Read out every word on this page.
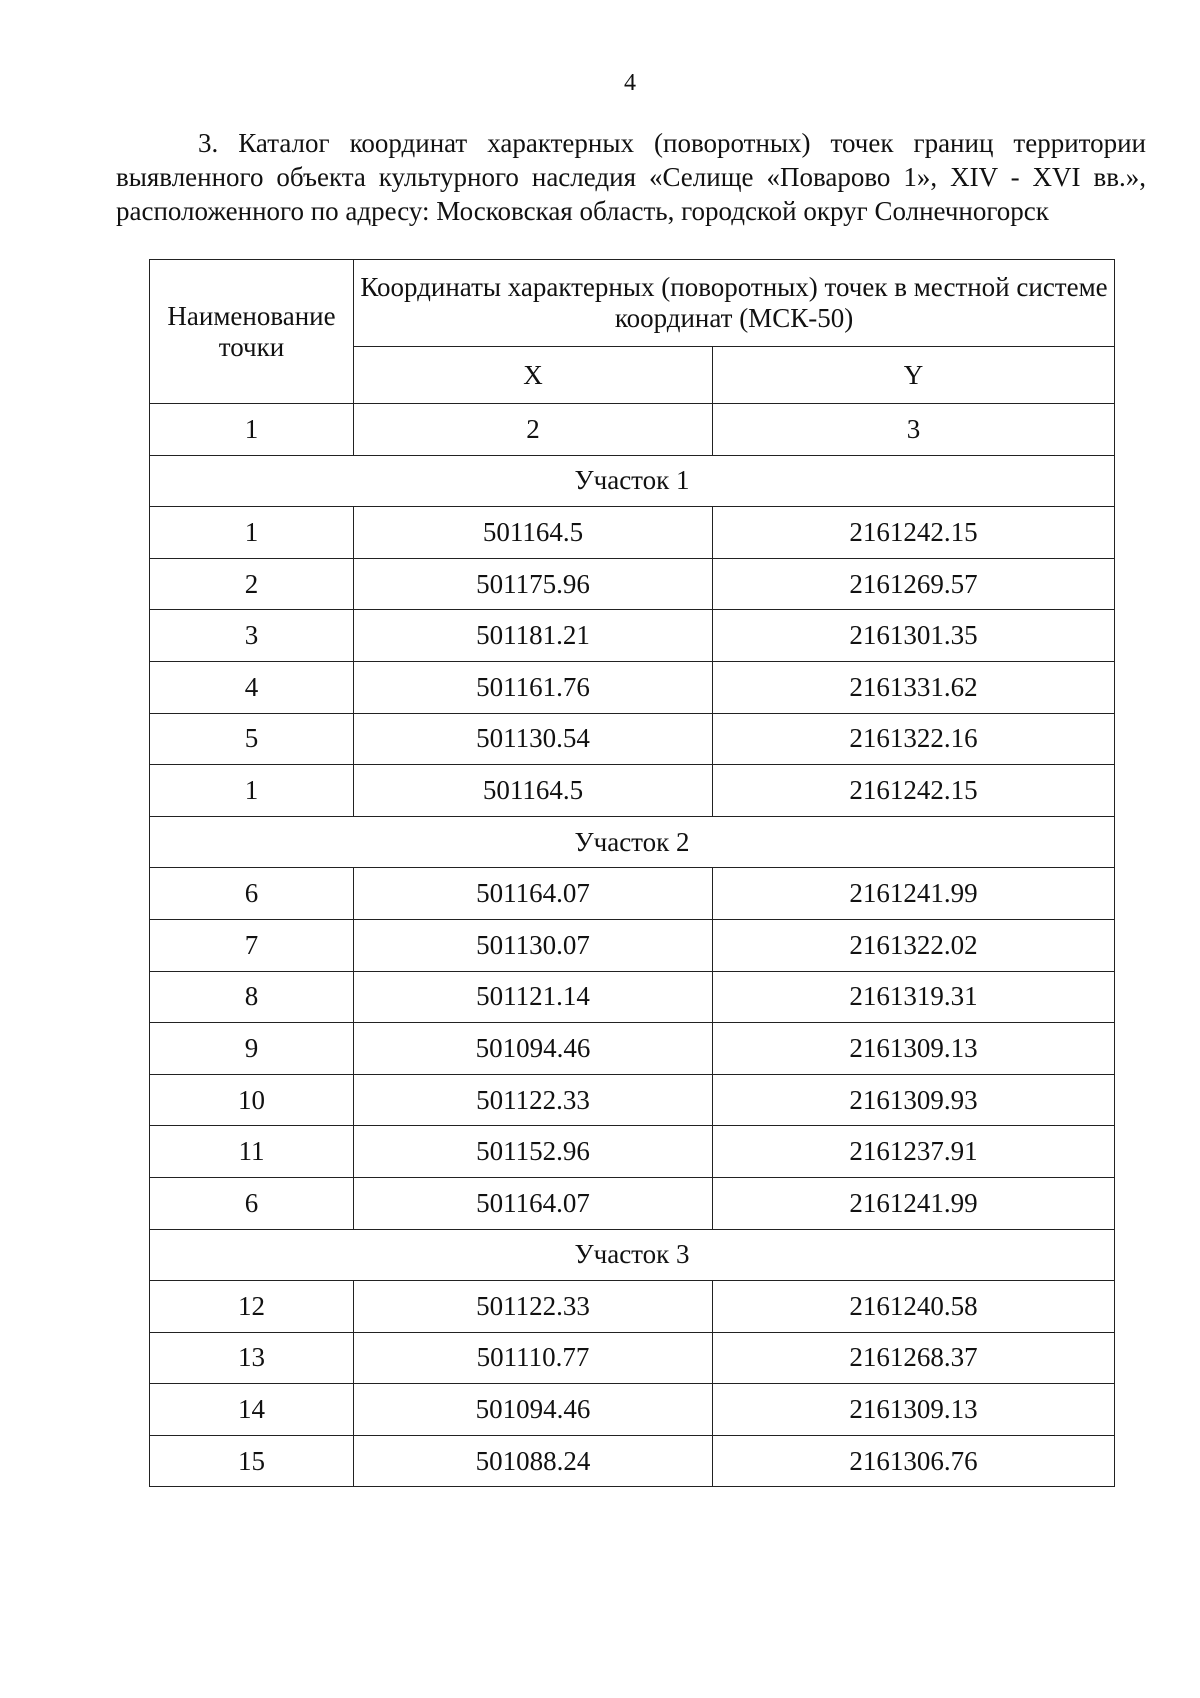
4

3. Каталог координат характерных (поворотных) точек границ территории выявленного объекта культурного наследия «Селище «Поварово 1», XIV - XVI вв.», расположенного по адресу: Московская область, городской округ Солнечногорск

Наименование точки	Координаты характерных (поворотных) точек в местной системе координат (МСК-50)	
	X	Y
1	2	3
Участок 1		
1	501164.5	2161242.15
2	501175.96	2161269.57
3	501181.21	2161301.35
4	501161.76	2161331.62
5	501130.54	2161322.16
1	501164.5	2161242.15
Участок 2		
6	501164.07	2161241.99
7	501130.07	2161322.02
8	501121.14	2161319.31
9	501094.46	2161309.13
10	501122.33	2161309.93
11	501152.96	2161237.91
6	501164.07	2161241.99
Участок 3		
12	501122.33	2161240.58
13	501110.77	2161268.37
14	501094.46	2161309.13
15	501088.24	2161306.76
